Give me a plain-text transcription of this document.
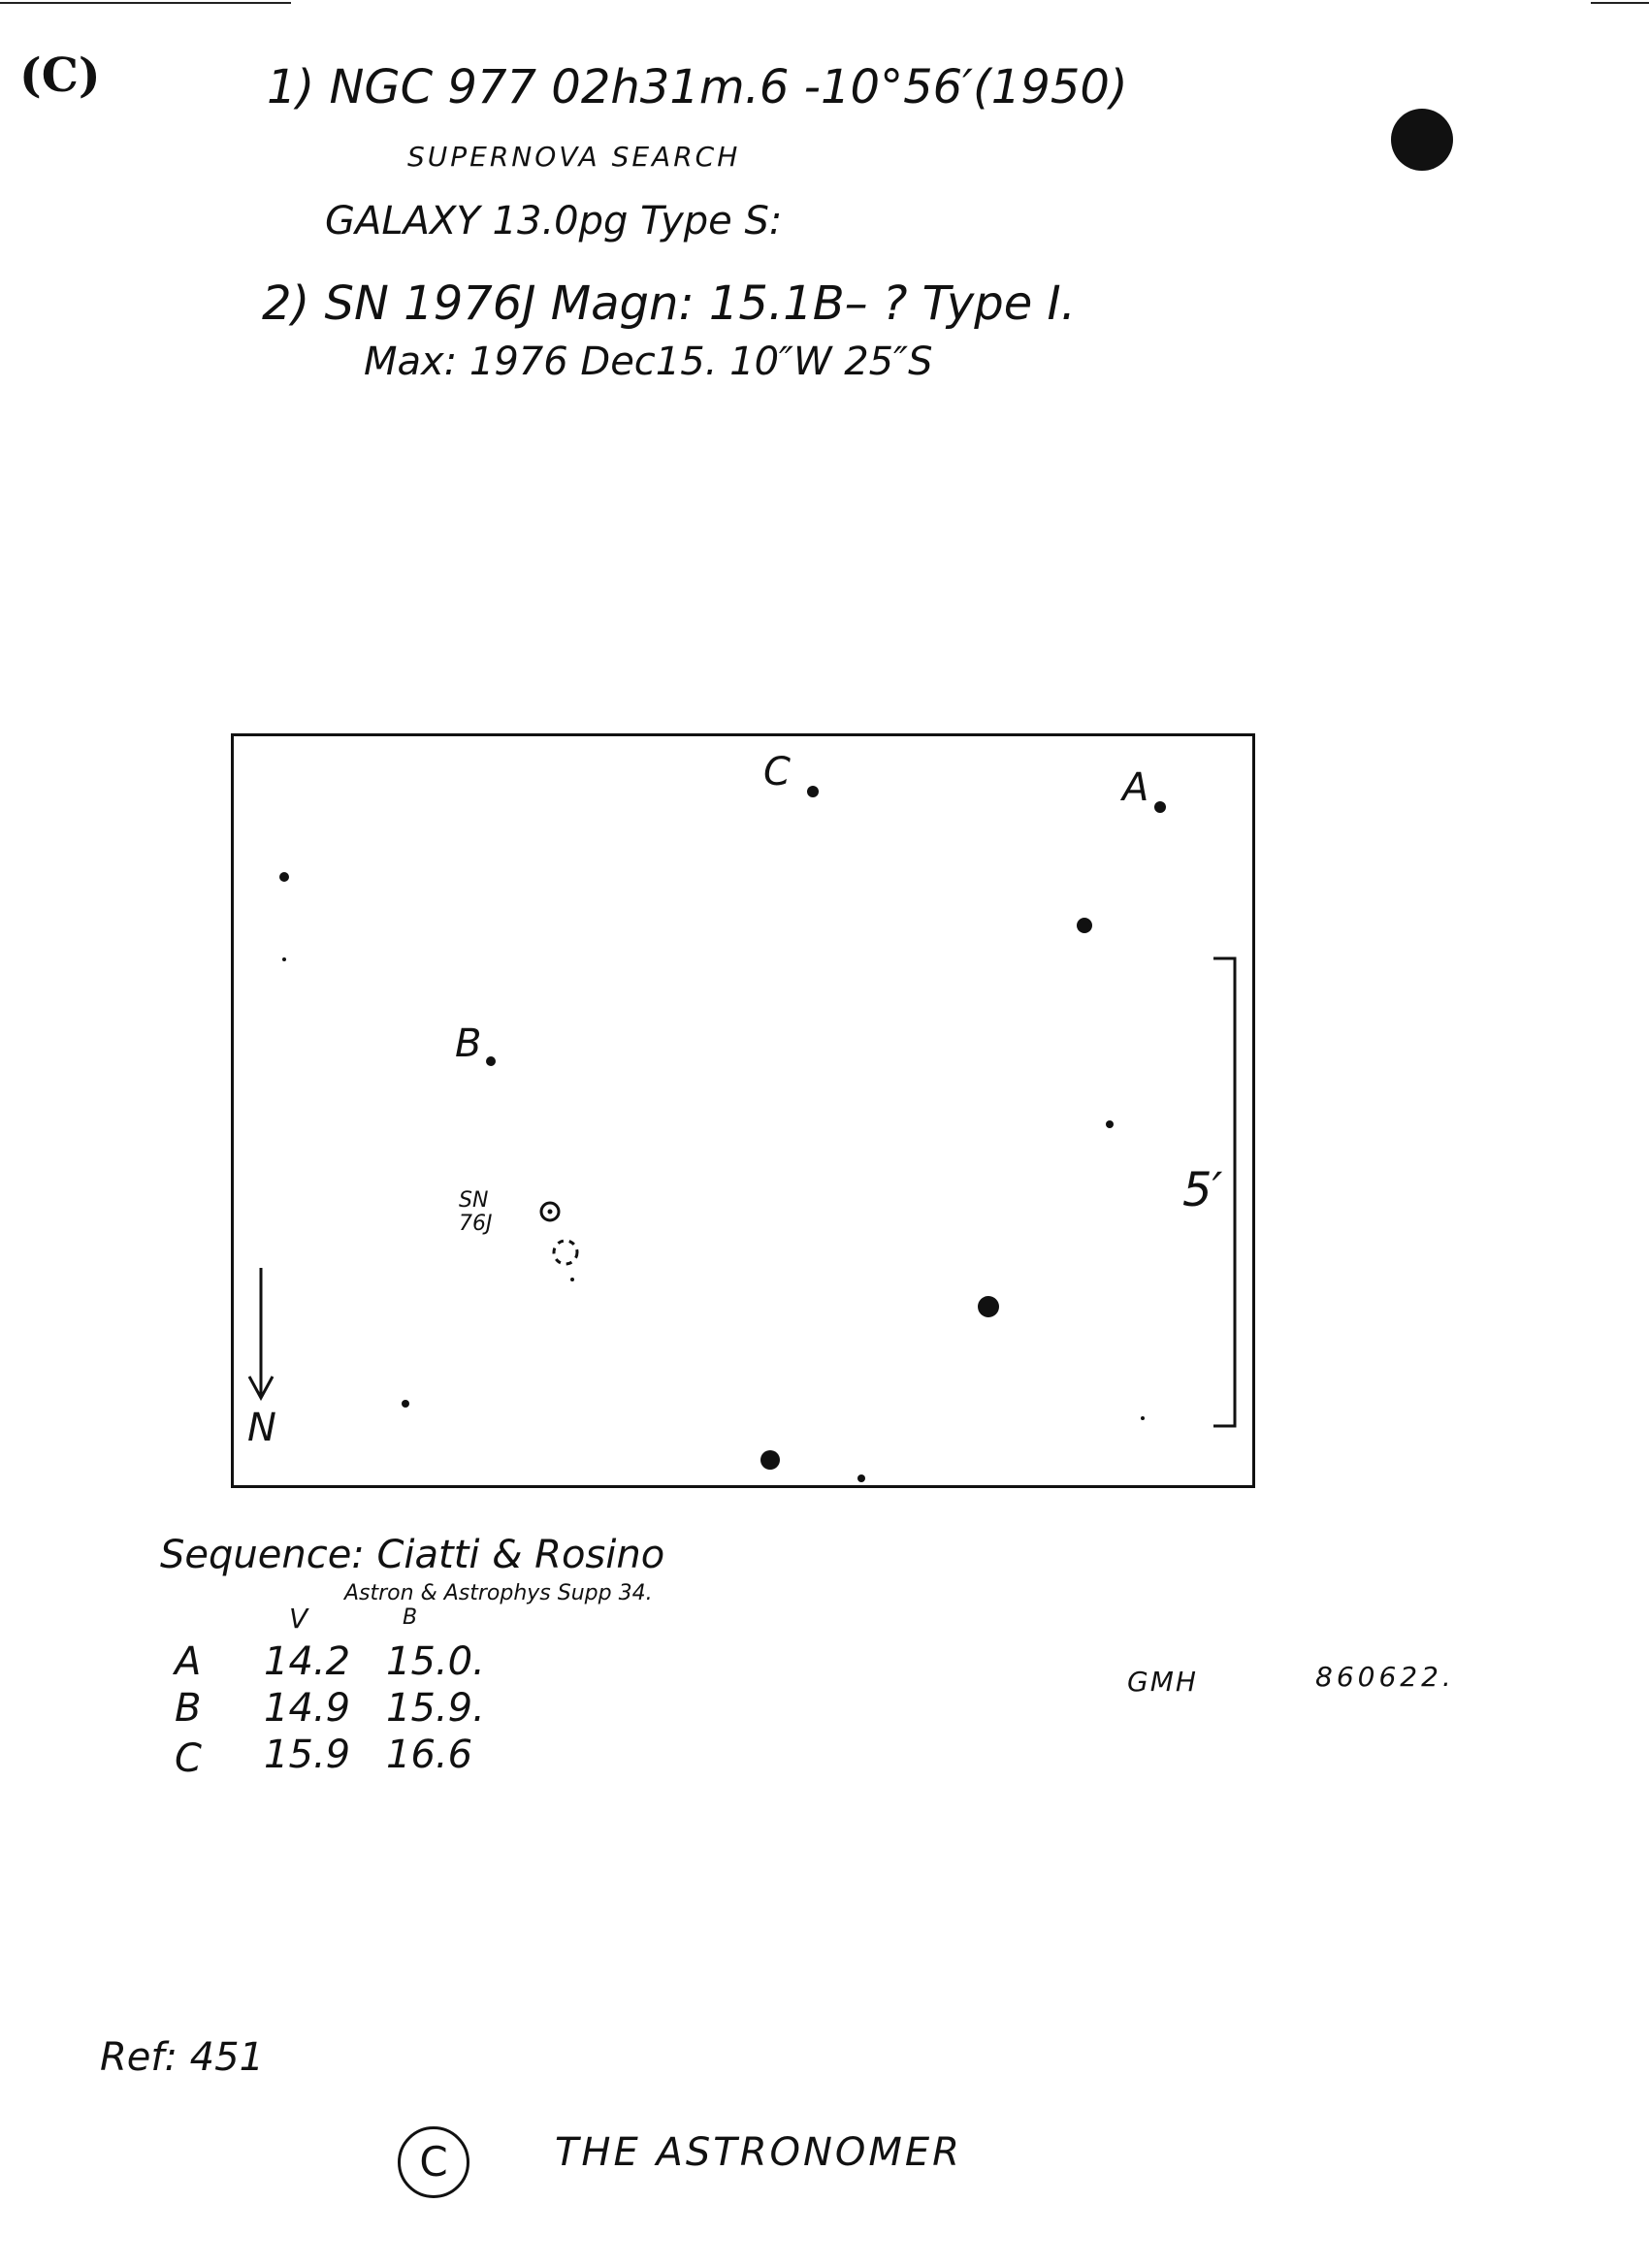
(C)	1) NGC 977 02h31m.6 -10°56′(1950)
SUPERNOVA SEARCH
GALAXY 13.0pg Type S:
2) SN 1976J Magn: 15.1B– ? Type I.
Max: 1976 Dec15. 10″W 25″S
C	A
B
SN
76J
N
5′
Sequence: Ciatti & Rosino
Astron & Astrophys Supp 34.
V	B
A 14.2 15.0.
B 14.9 15.9.
C 15.9 16.6
GMH	860622.
Ref: 451
C	THE ASTRONOMER
